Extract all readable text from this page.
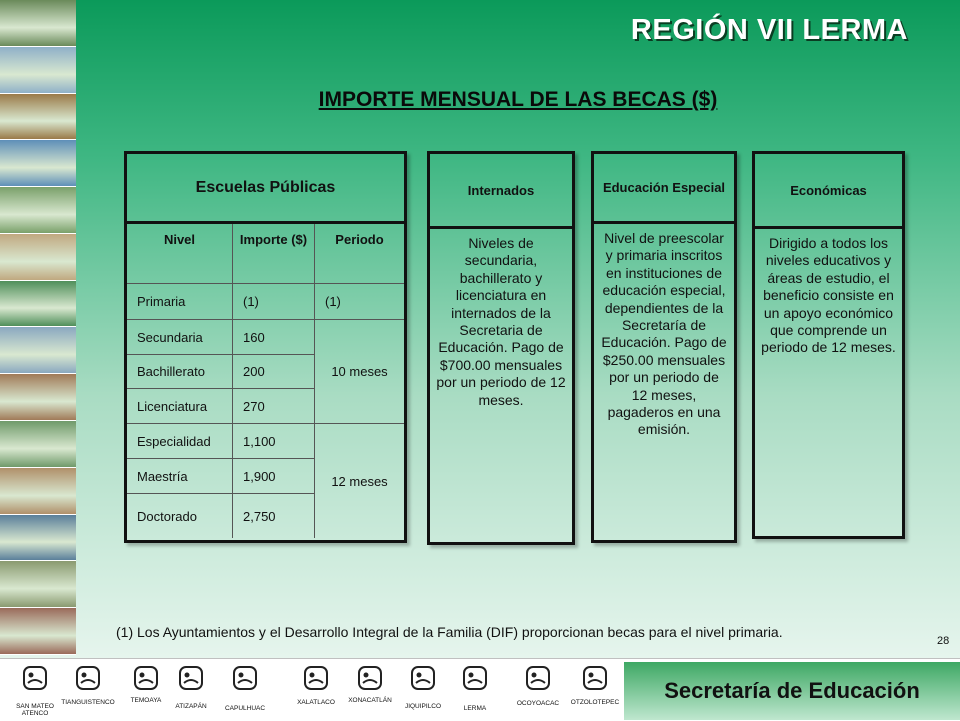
REGIÓN VII LERMA
IMPORTE MENSUAL DE LAS BECAS ($)
Escuelas Públicas
Nivel	Importe ($)	Periodo
Primaria	(1)	(1)
Secundaria	160
Bachillerato	200
Licenciatura	270
10 meses
Especialidad	1,100
Maestría	1,900
Doctorado	2,750
12 meses
Internados
Niveles de secundaria, bachillerato y licenciatura en internados de la Secretaria de Educación. Pago de $700.00 mensuales por un periodo de 12 meses.
Educación Especial
Nivel de preescolar y primaria inscritos en instituciones de educación especial, dependientes de la Secretaría de Educación. Pago de $250.00 mensuales por un periodo de 12 meses, pagaderos en una emisión.
Económicas
Dirigido a todos los niveles educativos y áreas de estudio, el beneficio consiste en un apoyo económico que comprende un periodo de 12 meses.
(1) Los Ayuntamientos y el Desarrollo Integral de la Familia (DIF) proporcionan becas para el nivel primaria.
28
SAN MATEO ATENCO
TIANGUISTENCO TEMOAYA
ATIZAPÁN	CAPULHUAC
XALATLACO XONACATLÁN
JIQUIPILCO	LERMA
OCOYOACAC OTZOLOTEPEC	Secretaría de Educación
